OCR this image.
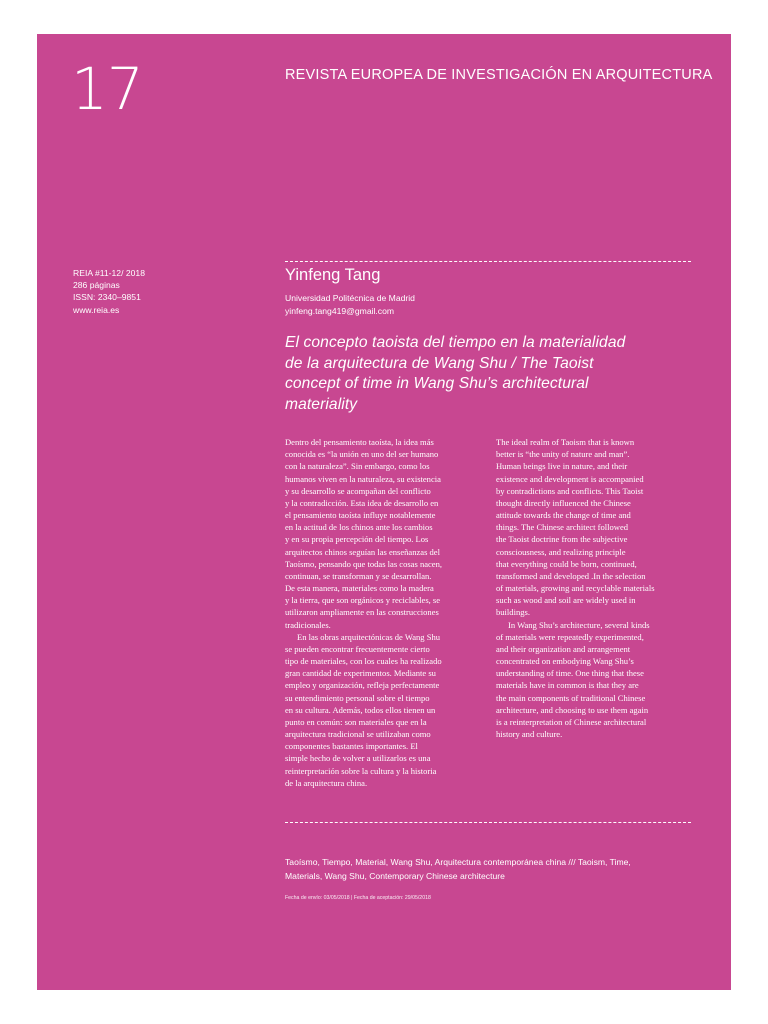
17	REVISTA EUROPEA DE INVESTIGACIÓN EN ARQUITECTURA
REIA #11-12/ 2018
286 páginas
ISSN: 2340–9851
www.reia.es
Yinfeng Tang
Universidad Politécnica de Madrid
yinfeng.tang419@gmail.com
El concepto taoista del tiempo en la materialidad
de la arquitectura de Wang Shu / The Taoist
concept of time in Wang Shu’s architectural
materiality
Dentro del pensamiento taoísta, la idea más
conocida es “la unión en uno del ser humano
con la naturaleza”. Sin embargo, como los
humanos viven en la naturaleza, su existencia
y su desarrollo se acompañan del conflicto
y la contradicción. Esta idea de desarrollo en
el pensamiento taoísta influye notablemente
en la actitud de los chinos ante los cambios
y en su propia percepción del tiempo. Los
arquitectos chinos seguían las enseñanzas del
Taoísmo, pensando que todas las cosas nacen,
continuan, se transforman y se desarrollan.
De esta manera, materiales como la madera
y la tierra, que son orgánicos y reciclables, se
utilizaron ampliamente en las construcciones
tradicionales.
En las obras arquitectónicas de Wang Shu
se pueden encontrar frecuentemente cierto
tipo de materiales, con los cuales ha realizado
gran cantidad de experimentos. Mediante su
empleo y organización, refleja perfectamente
su entendimiento personal sobre el tiempo
en su cultura. Además, todos ellos tienen un
punto en común: son materiales que en la
arquitectura tradicional se utilizaban como
componentes bastantes importantes. El
simple hecho de volver a utilizarlos es una
reinterpretación sobre la cultura y la historia
de la arquitectura china.
The ideal realm of Taoism that is known
better is “the unity of nature and man”.
Human beings live in nature, and their
existence and development is accompanied
by contradictions and conflicts. This Taoist
thought directly influenced the Chinese
attitude towards the change of time and
things. The Chinese architect followed
the Taoist doctrine from the subjective
consciousness, and realizing principle
that everything could be born, continued,
transformed and developed .In the selection
of materials, growing and recyclable materials
such as wood and soil are widely used in
buildings.
In Wang Shu’s architecture, several kinds
of materials were repeatedly experimented,
and their organization and arrangement
concentrated on embodying Wang Shu’s
understanding of time. One thing that these
materials have in common is that they are
the main components of traditional Chinese
architecture, and choosing to use them again
is a reinterpretation of Chinese architectural
history and culture.
Taoísmo, Tiempo, Material, Wang Shu, Arquitectura contemporánea china /// Taoism, Time,
Materials, Wang Shu, Contemporary Chinese architecture
Fecha de envío: 03/05/2018 | Fecha de aceptación: 29/05/2018
